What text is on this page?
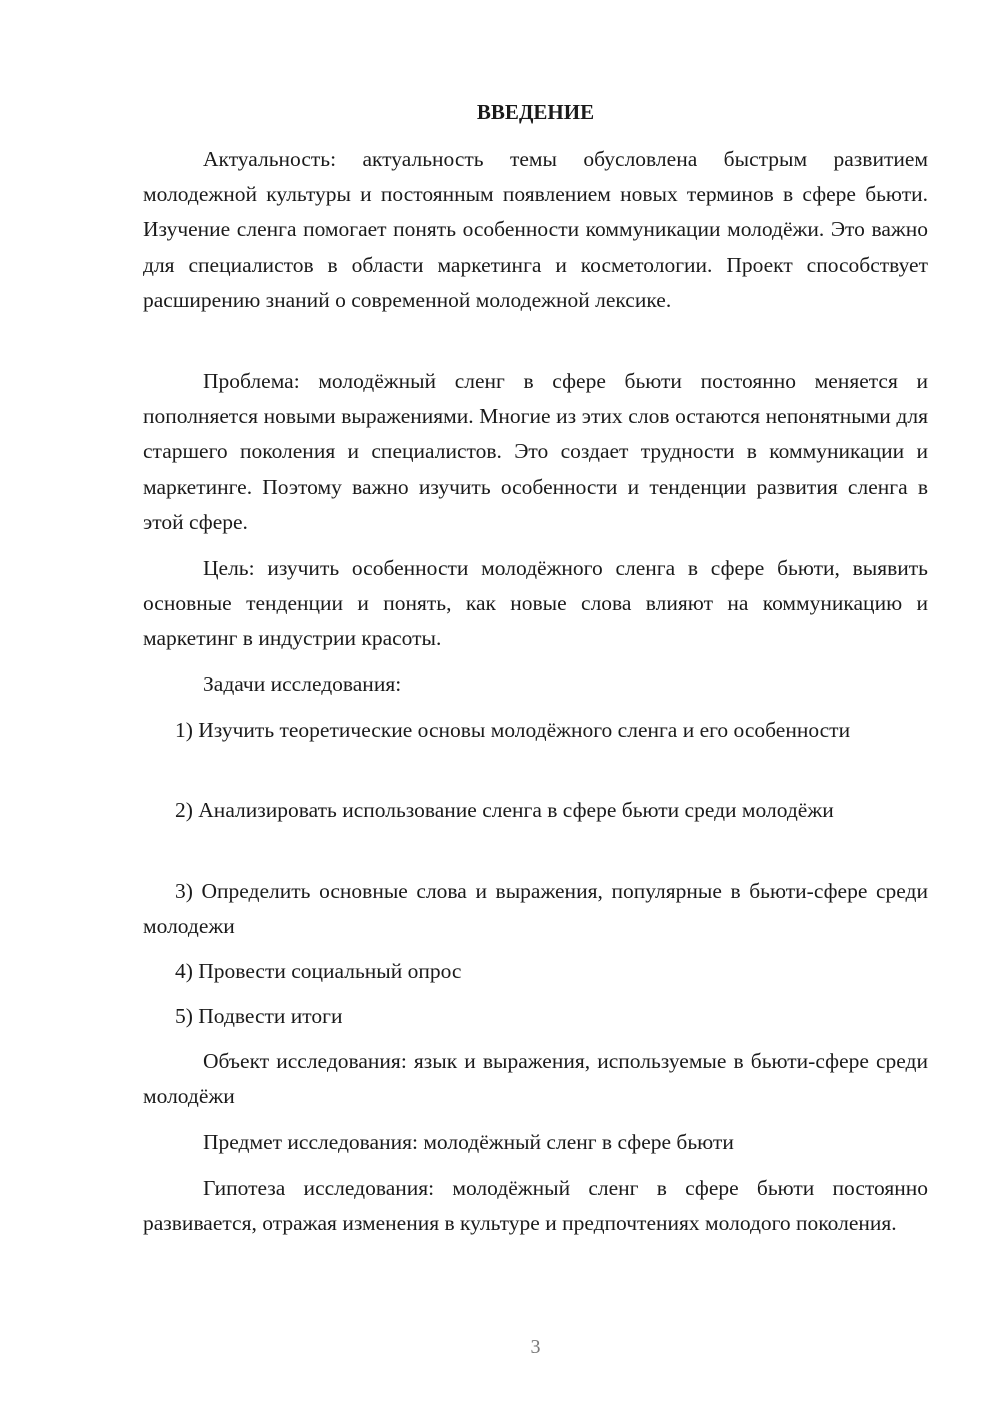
ВВЕДЕНИЕ

Актуальность: актуальность темы обусловлена быстрым развитием молодежной культуры и постоянным появлением новых терминов в сфере бьюти. Изучение сленга помогает понять особенности коммуникации молодёжи. Это важно для специалистов в области маркетинга и косметологии. Проект способствует расширению знаний о современной молодежной лексике.

Проблема: молодёжный сленг в сфере бьюти постоянно меняется и пополняется новыми выражениями. Многие из этих слов остаются непонятными для старшего поколения и специалистов. Это создает трудности в коммуникации и маркетинге. Поэтому важно изучить особенности и тенденции развития сленга в этой сфере.

Цель: изучить особенности молодёжного сленга в сфере бьюти, выявить основные тенденции и понять, как новые слова влияют на коммуникацию и маркетинг в индустрии красоты.

Задачи исследования:

1) Изучить теоретические основы молодёжного сленга и его особенности

2) Анализировать использование сленга в сфере бьюти среди молодёжи

3) Определить основные слова и выражения, популярные в бьюти-сфере среди молодежи

4) Провести социальный опрос

5) Подвести итоги

Объект исследования: язык и выражения, используемые в бьюти-сфере среди молодёжи

Предмет исследования: молодёжный сленг в сфере бьюти

Гипотеза исследования: молодёжный сленг в сфере бьюти постоянно развивается, отражая изменения в культуре и предпочтениях молодого поколения.

3
